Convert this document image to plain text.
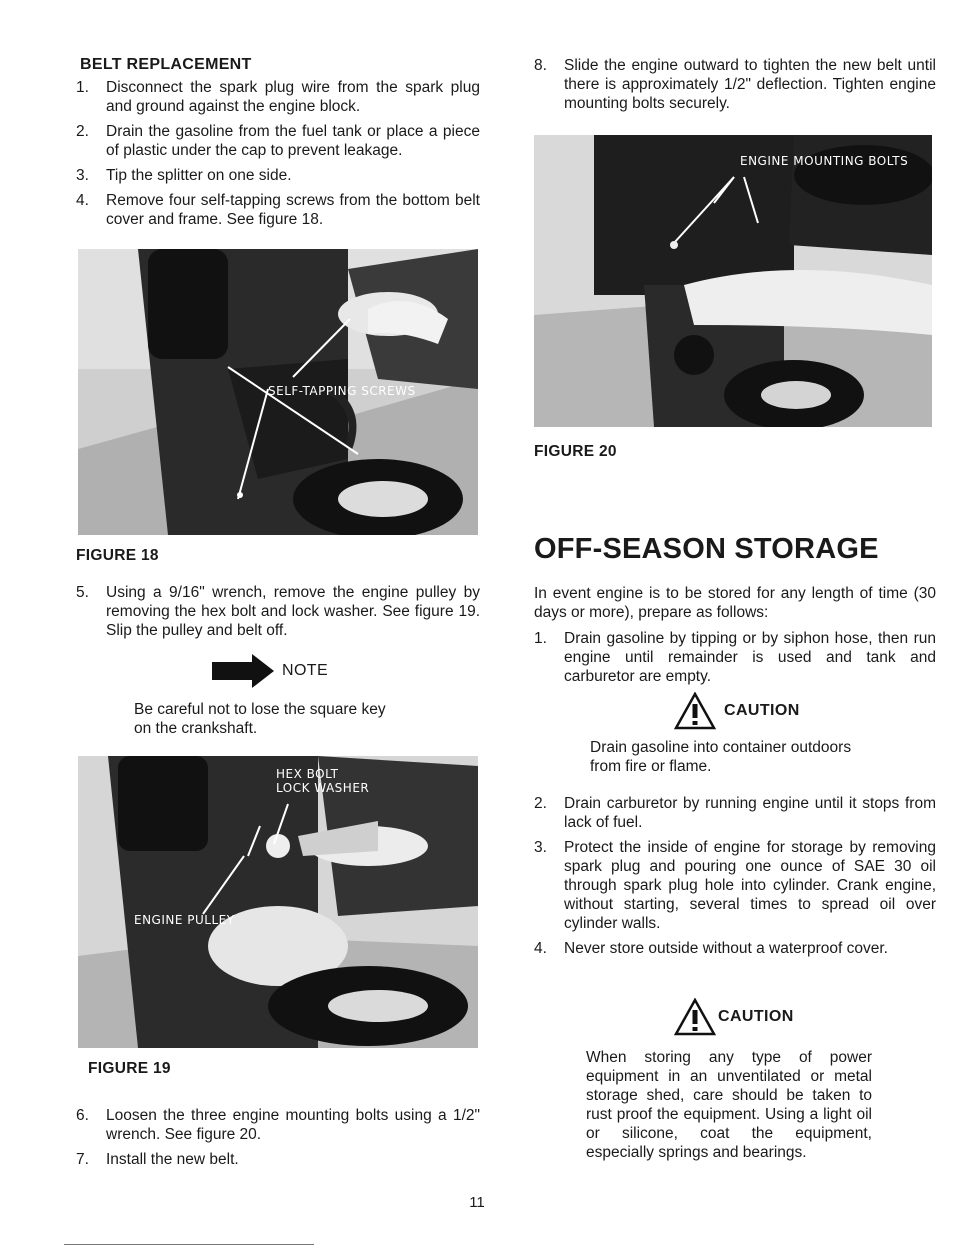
BELT REPLACEMENT
1.	Disconnect the spark plug wire from the spark plug and ground against the engine block.
2.	Drain the gasoline from the fuel tank or place a piece of plastic under the cap to prevent leakage.
3.	Tip the splitter on one side.
4.	Remove four self-tapping screws from the bottom belt cover and frame. See figure 18.
SELF-TAPPING SCREWS
FIGURE 18
5.	Using a 9/16" wrench, remove the engine pulley by removing the hex bolt and lock washer. See figure 19. Slip the pulley and belt off.
NOTE
Be careful not to lose the square key
on the crankshaft.
HEX BOLT
LOCK WASHER
ENGINE PULLEY
FIGURE 19
6.	Loosen the three engine mounting bolts using a 1/2" wrench. See figure 20.
7.	Install the new belt.
8.	Slide the engine outward to tighten the new belt until there is approximately 1/2" deflection. Tighten engine mounting bolts securely.
ENGINE MOUNTING BOLTS
FIGURE 20
OFF-SEASON STORAGE
In event engine is to be stored for any length of time (30 days or more), prepare as follows:
1.	Drain gasoline by tipping or by siphon hose, then run engine until remainder is used and tank and carburetor are empty.
CAUTION
Drain gasoline into container outdoors
from fire or flame.
2.	Drain carburetor by running engine until it stops from lack of fuel.
3.	Protect the inside of engine for storage by removing spark plug and pouring one ounce of SAE 30 oil through spark plug hole into cylinder. Crank engine, without starting, several times to spread oil over cylinder walls.
4.	Never store outside without a waterproof cover.
CAUTION
When storing any type of power equipment in an unventilated or metal storage shed, care should be taken to rust proof the equipment. Using a light oil or silicone, coat the equipment, especially springs and bearings.
11
